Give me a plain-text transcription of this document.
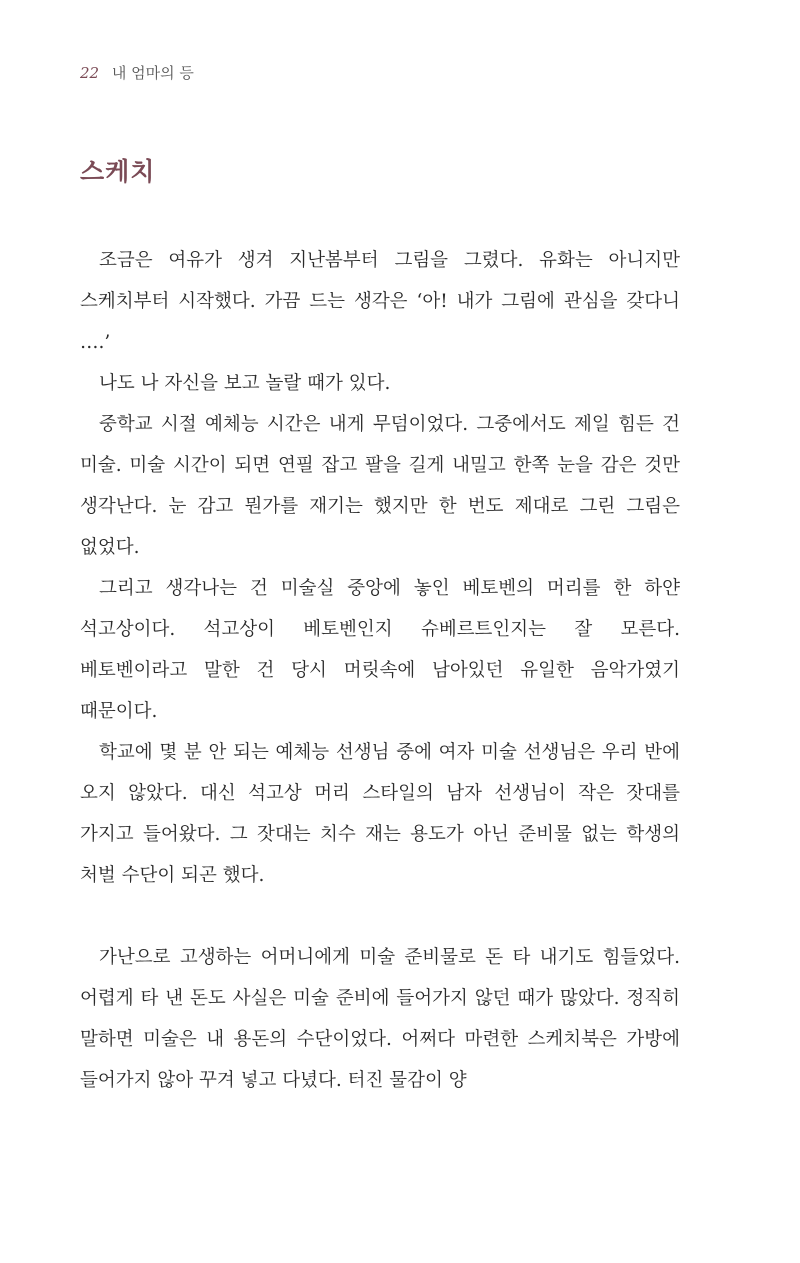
22 내 엄마의 등
스케치

조금은 여유가 생겨 지난봄부터 그림을 그렸다. 유화는 아니지만 스케치부터 시작했다. 가끔 드는 생각은 ‘아! 내가 그림에 관심을 갖다니 ….’

나도 나 자신을 보고 놀랄 때가 있다.

중학교 시절 예체능 시간은 내게 무덤이었다. 그중에서도 제일 힘든 건 미술. 미술 시간이 되면 연필 잡고 팔을 길게 내밀고 한쪽 눈을 감은 것만 생각난다. 눈 감고 뭔가를 재기는 했지만 한 번도 제대로 그린 그림은 없었다.

그리고 생각나는 건 미술실 중앙에 놓인 베토벤의 머리를 한 하얀 석고상이다. 석고상이 베토벤인지 슈베르트인지는 잘 모른다. 베토벤이라고 말한 건 당시 머릿속에 남아있던 유일한 음악가였기 때문이다.

학교에 몇 분 안 되는 예체능 선생님 중에 여자 미술 선생님은 우리 반에 오지 않았다. 대신 석고상 머리 스타일의 남자 선생님이 작은 잣대를 가지고 들어왔다. 그 잣대는 치수 재는 용도가 아닌 준비물 없는 학생의 처벌 수단이 되곤 했다.

가난으로 고생하는 어머니에게 미술 준비물로 돈 타 내기도 힘들었다. 어렵게 타 낸 돈도 사실은 미술 준비에 들어가지 않던 때가 많았다. 정직히 말하면 미술은 내 용돈의 수단이었다. 어쩌다 마련한 스케치북은 가방에 들어가지 않아 꾸겨 넣고 다녔다. 터진 물감이 양
